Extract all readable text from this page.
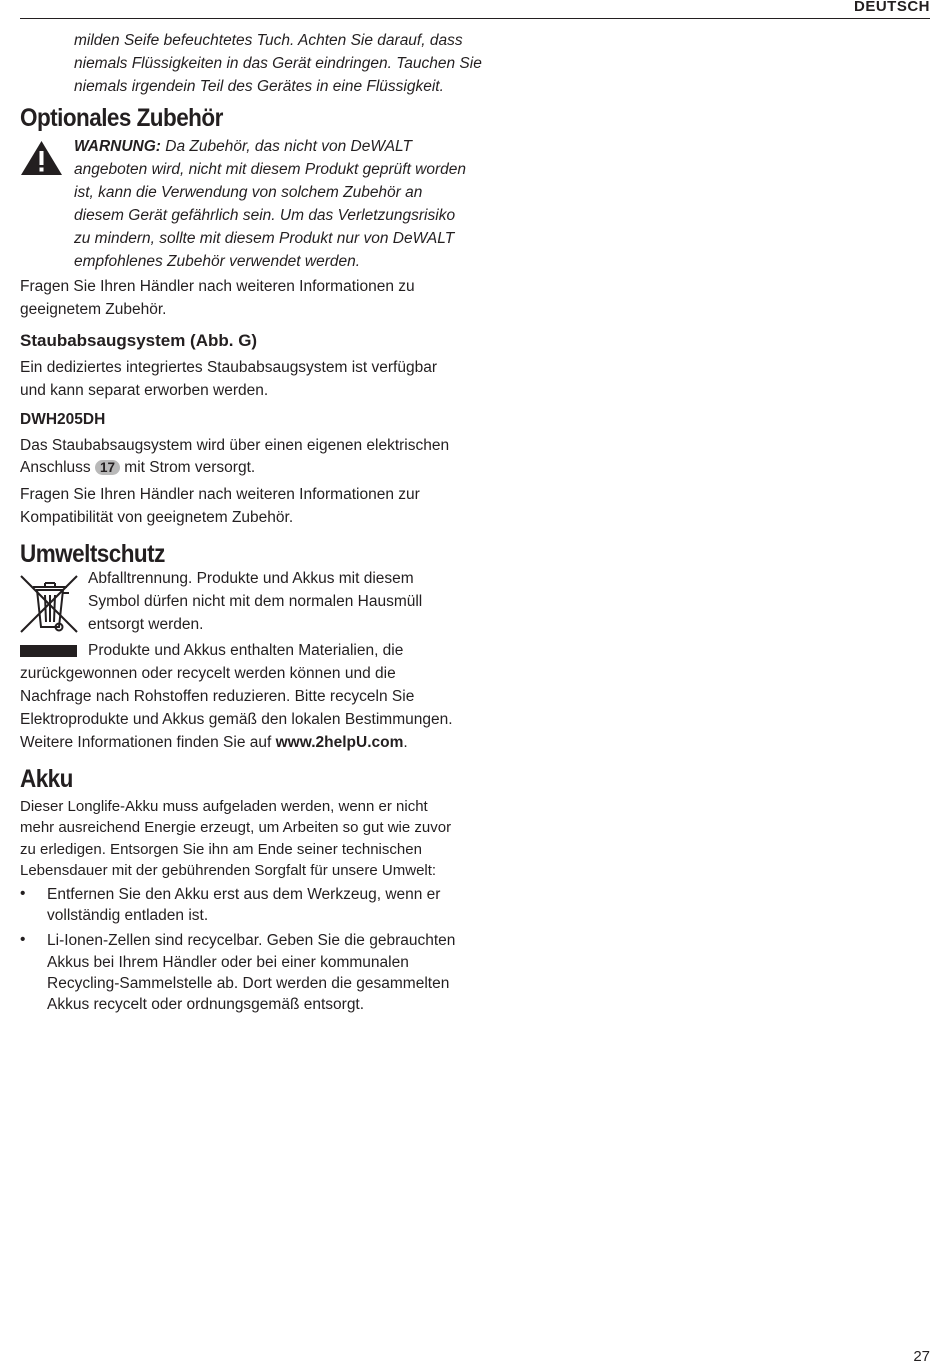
DEUTSCH
milden Seife befeuchtetes Tuch. Achten Sie darauf, dass
niemals Flüssigkeiten in das Gerät eindringen. Tauchen Sie
niemals irgendein Teil des Gerätes in eine Flüssigkeit.
Optionales Zubehör
WARNUNG: Da Zubehör, das nicht von DeWALT
angeboten wird, nicht mit diesem Produkt geprüft worden
ist, kann die Verwendung von solchem Zubehör an
diesem Gerät gefährlich sein. Um das Verletzungsrisiko
zu mindern, sollte mit diesem Produkt nur von DeWALT
empfohlenes Zubehör verwendet werden.
Fragen Sie Ihren Händler nach weiteren Informationen zu
geeignetem Zubehör.
Staubabsaugsystem (Abb. G)
Ein dediziertes integriertes Staubabsaugsystem ist verfügbar
und kann separat erworben werden.
DWH205DH
Das Staubabsaugsystem wird über einen eigenen elektrischen
Anschluss 17 mit Strom versorgt.
Fragen Sie Ihren Händler nach weiteren Informationen zur
Kompatibilität von geeignetem Zubehör.
Umweltschutz
Abfalltrennung. Produkte und Akkus mit diesem
Symbol dürfen nicht mit dem normalen Hausmüll
entsorgt werden.
Produkte und Akkus enthalten Materialien, die
zurückgewonnen oder recycelt werden können und die
Nachfrage nach Rohstoffen reduzieren. Bitte recyceln Sie
Elektroprodukte und Akkus gemäß den lokalen Bestimmungen.
Weitere Informationen finden Sie auf www.2helpU.com.
Akku
Dieser Longlife-Akku muss aufgeladen werden, wenn er nicht
mehr ausreichend Energie erzeugt, um Arbeiten so gut wie zuvor
zu erledigen. Entsorgen Sie ihn am Ende seiner technischen
Lebensdauer mit der gebührenden Sorgfalt für unsere Umwelt:
• Entfernen Sie den Akku erst aus dem Werkzeug, wenn er
vollständig entladen ist.
• Li-Ionen-Zellen sind recycelbar. Geben Sie die gebrauchten
Akkus bei Ihrem Händler oder bei einer kommunalen
Recycling-Sammelstelle ab. Dort werden die gesammelten
Akkus recycelt oder ordnungsgemäß entsorgt.
27
